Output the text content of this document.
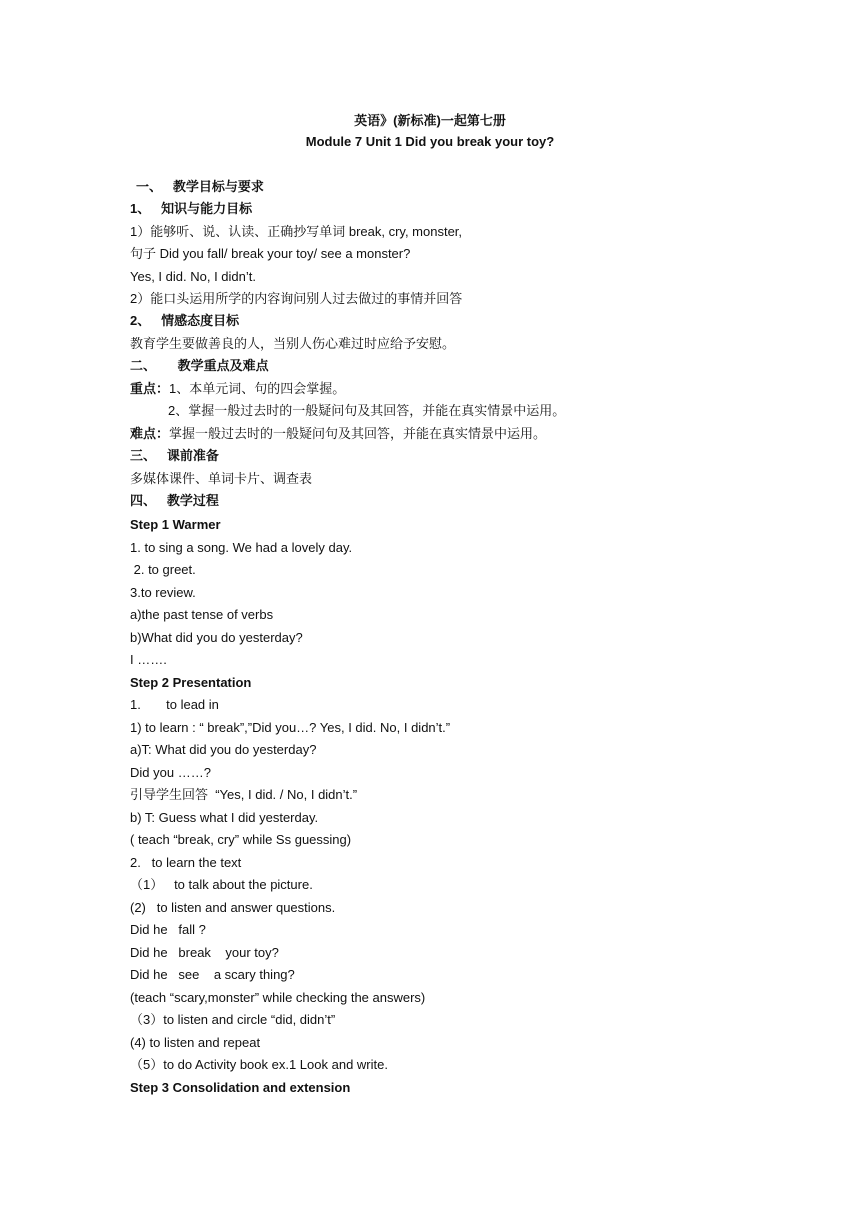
英语》(新标准)一起第七册
Module 7 Unit 1 Did you break your toy?
一、   教学目标与要求
1、   知识与能力目标
1）能够听、说、认读、正确抄写单词 break, cry, monster,
句子 Did you fall/ break your toy/ see a monster?
Yes, I did. No, I didn’t.
2）能口头运用所学的内容询问别人过去做过的事情并回答
2、   情感态度目标
教育学生要做善良的人，当别人伤心难过时应给予安慰。
二、      教学重点及难点
重点：1、本单元词、句的四会掌握。
2、掌握一般过去时的一般疑问句及其回答，并能在真实情景中运用。
难点：掌握一般过去时的一般疑问句及其回答，并能在真实情景中运用。
三、   课前准备
多媒体课件、单词卡片、调查表
四、   教学过程
Step 1 Warmer
1. to sing a song. We had a lovely day.
2. to greet.
3.to review.
a)the past tense of verbs
b)What did you do yesterday?
I …….
Step 2 Presentation
1.       to lead in
1) to learn : “ break”,”Did you…? Yes, I did. No, I didn’t.”
a)T: What did you do yesterday?
Did you ……?
引导学生回答  “Yes, I did. / No, I didn’t.”
b) T: Guess what I did yesterday.
( teach “break, cry” while Ss guessing)
2.   to learn the text
（1）   to talk about the picture.
(2)   to listen and answer questions.
Did he   fall ?
Did he   break    your toy?
Did he   see    a scary thing?
(teach “scary,monster” while checking the answers)
（3）to listen and circle “did, didn’t”
(4) to listen and repeat
（5）to do Activity book ex.1 Look and write.
Step 3 Consolidation and extension
